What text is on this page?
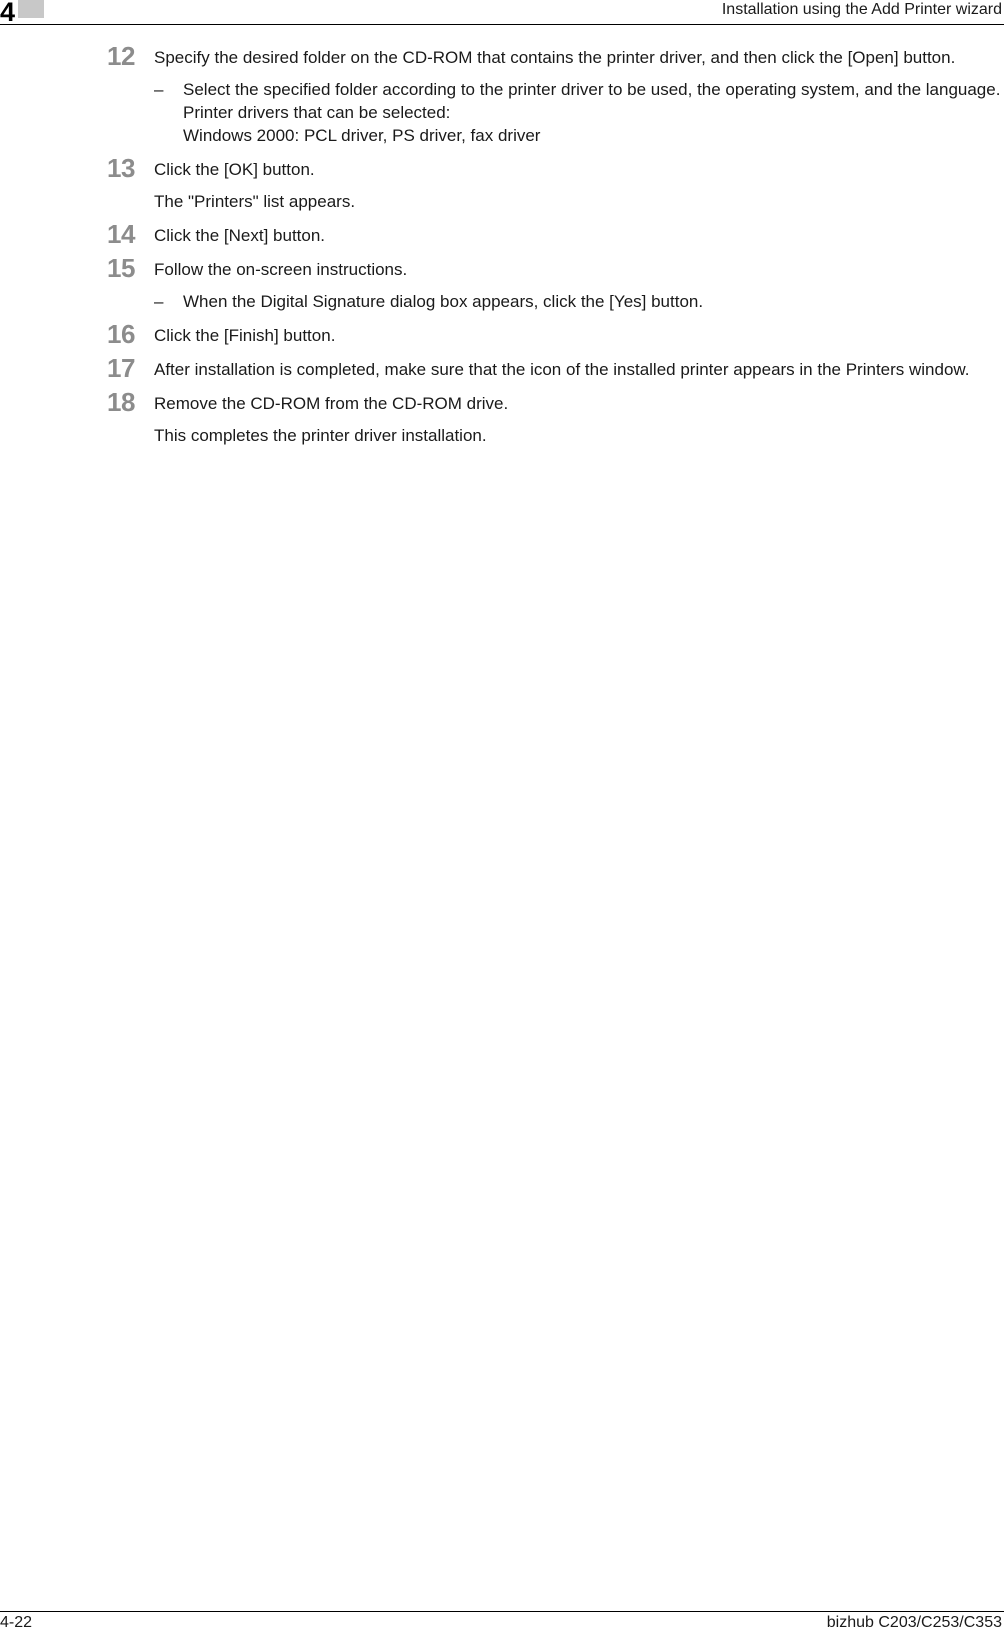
4	Installation using the Add Printer wizard
12 Specify the desired folder on the CD-ROM that contains the printer driver, and then click the [Open] button.
– Select the specified folder according to the printer driver to be used, the operating system, and the language.
Printer drivers that can be selected:
Windows 2000: PCL driver, PS driver, fax driver
13 Click the [OK] button.
The "Printers" list appears.
14 Click the [Next] button.
15 Follow the on-screen instructions.
– When the Digital Signature dialog box appears, click the [Yes] button.
16 Click the [Finish] button.
17 After installation is completed, make sure that the icon of the installed printer appears in the Printers window.
18 Remove the CD-ROM from the CD-ROM drive.
This completes the printer driver installation.
4-22	bizhub C203/C253/C353
